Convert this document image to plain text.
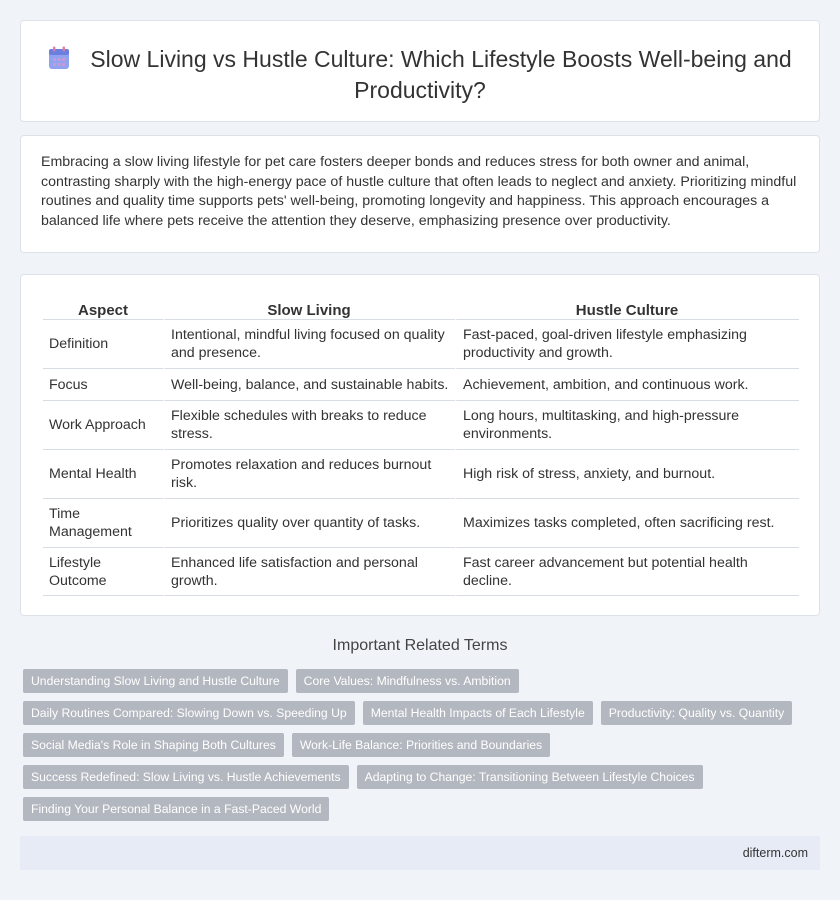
Slow Living vs Hustle Culture: Which Lifestyle Boosts Well-being and Productivity?

Embracing a slow living lifestyle for pet care fosters deeper bonds and reduces stress for both owner and animal, contrasting sharply with the high-energy pace of hustle culture that often leads to neglect and anxiety. Prioritizing mindful routines and quality time supports pets' well-being, promoting longevity and happiness. This approach encourages a balanced life where pets receive the attention they deserve, emphasizing presence over productivity.

Aspect	Slow Living	Hustle Culture
Definition	Intentional, mindful living focused on quality and presence.	Fast-paced, goal-driven lifestyle emphasizing productivity and growth.
Focus	Well-being, balance, and sustainable habits.	Achievement, ambition, and continuous work.
Work Approach	Flexible schedules with breaks to reduce stress.	Long hours, multitasking, and high-pressure environments.
Mental Health	Promotes relaxation and reduces burnout risk.	High risk of stress, anxiety, and burnout.
Time Management	Prioritizes quality over quantity of tasks.	Maximizes tasks completed, often sacrificing rest.
Lifestyle Outcome	Enhanced life satisfaction and personal growth.	Fast career advancement but potential health decline.
Important Related Terms
Understanding Slow Living and Hustle Culture	Core Values: Mindfulness vs. Ambition
Daily Routines Compared: Slowing Down vs. Speeding Up	Mental Health Impacts of Each Lifestyle	Productivity: Quality vs. Quantity
Social Media's Role in Shaping Both Cultures	Work-Life Balance: Priorities and Boundaries
Success Redefined: Slow Living vs. Hustle Achievements	Adapting to Change: Transitioning Between Lifestyle Choices
Finding Your Personal Balance in a Fast-Paced World
difterm.com
